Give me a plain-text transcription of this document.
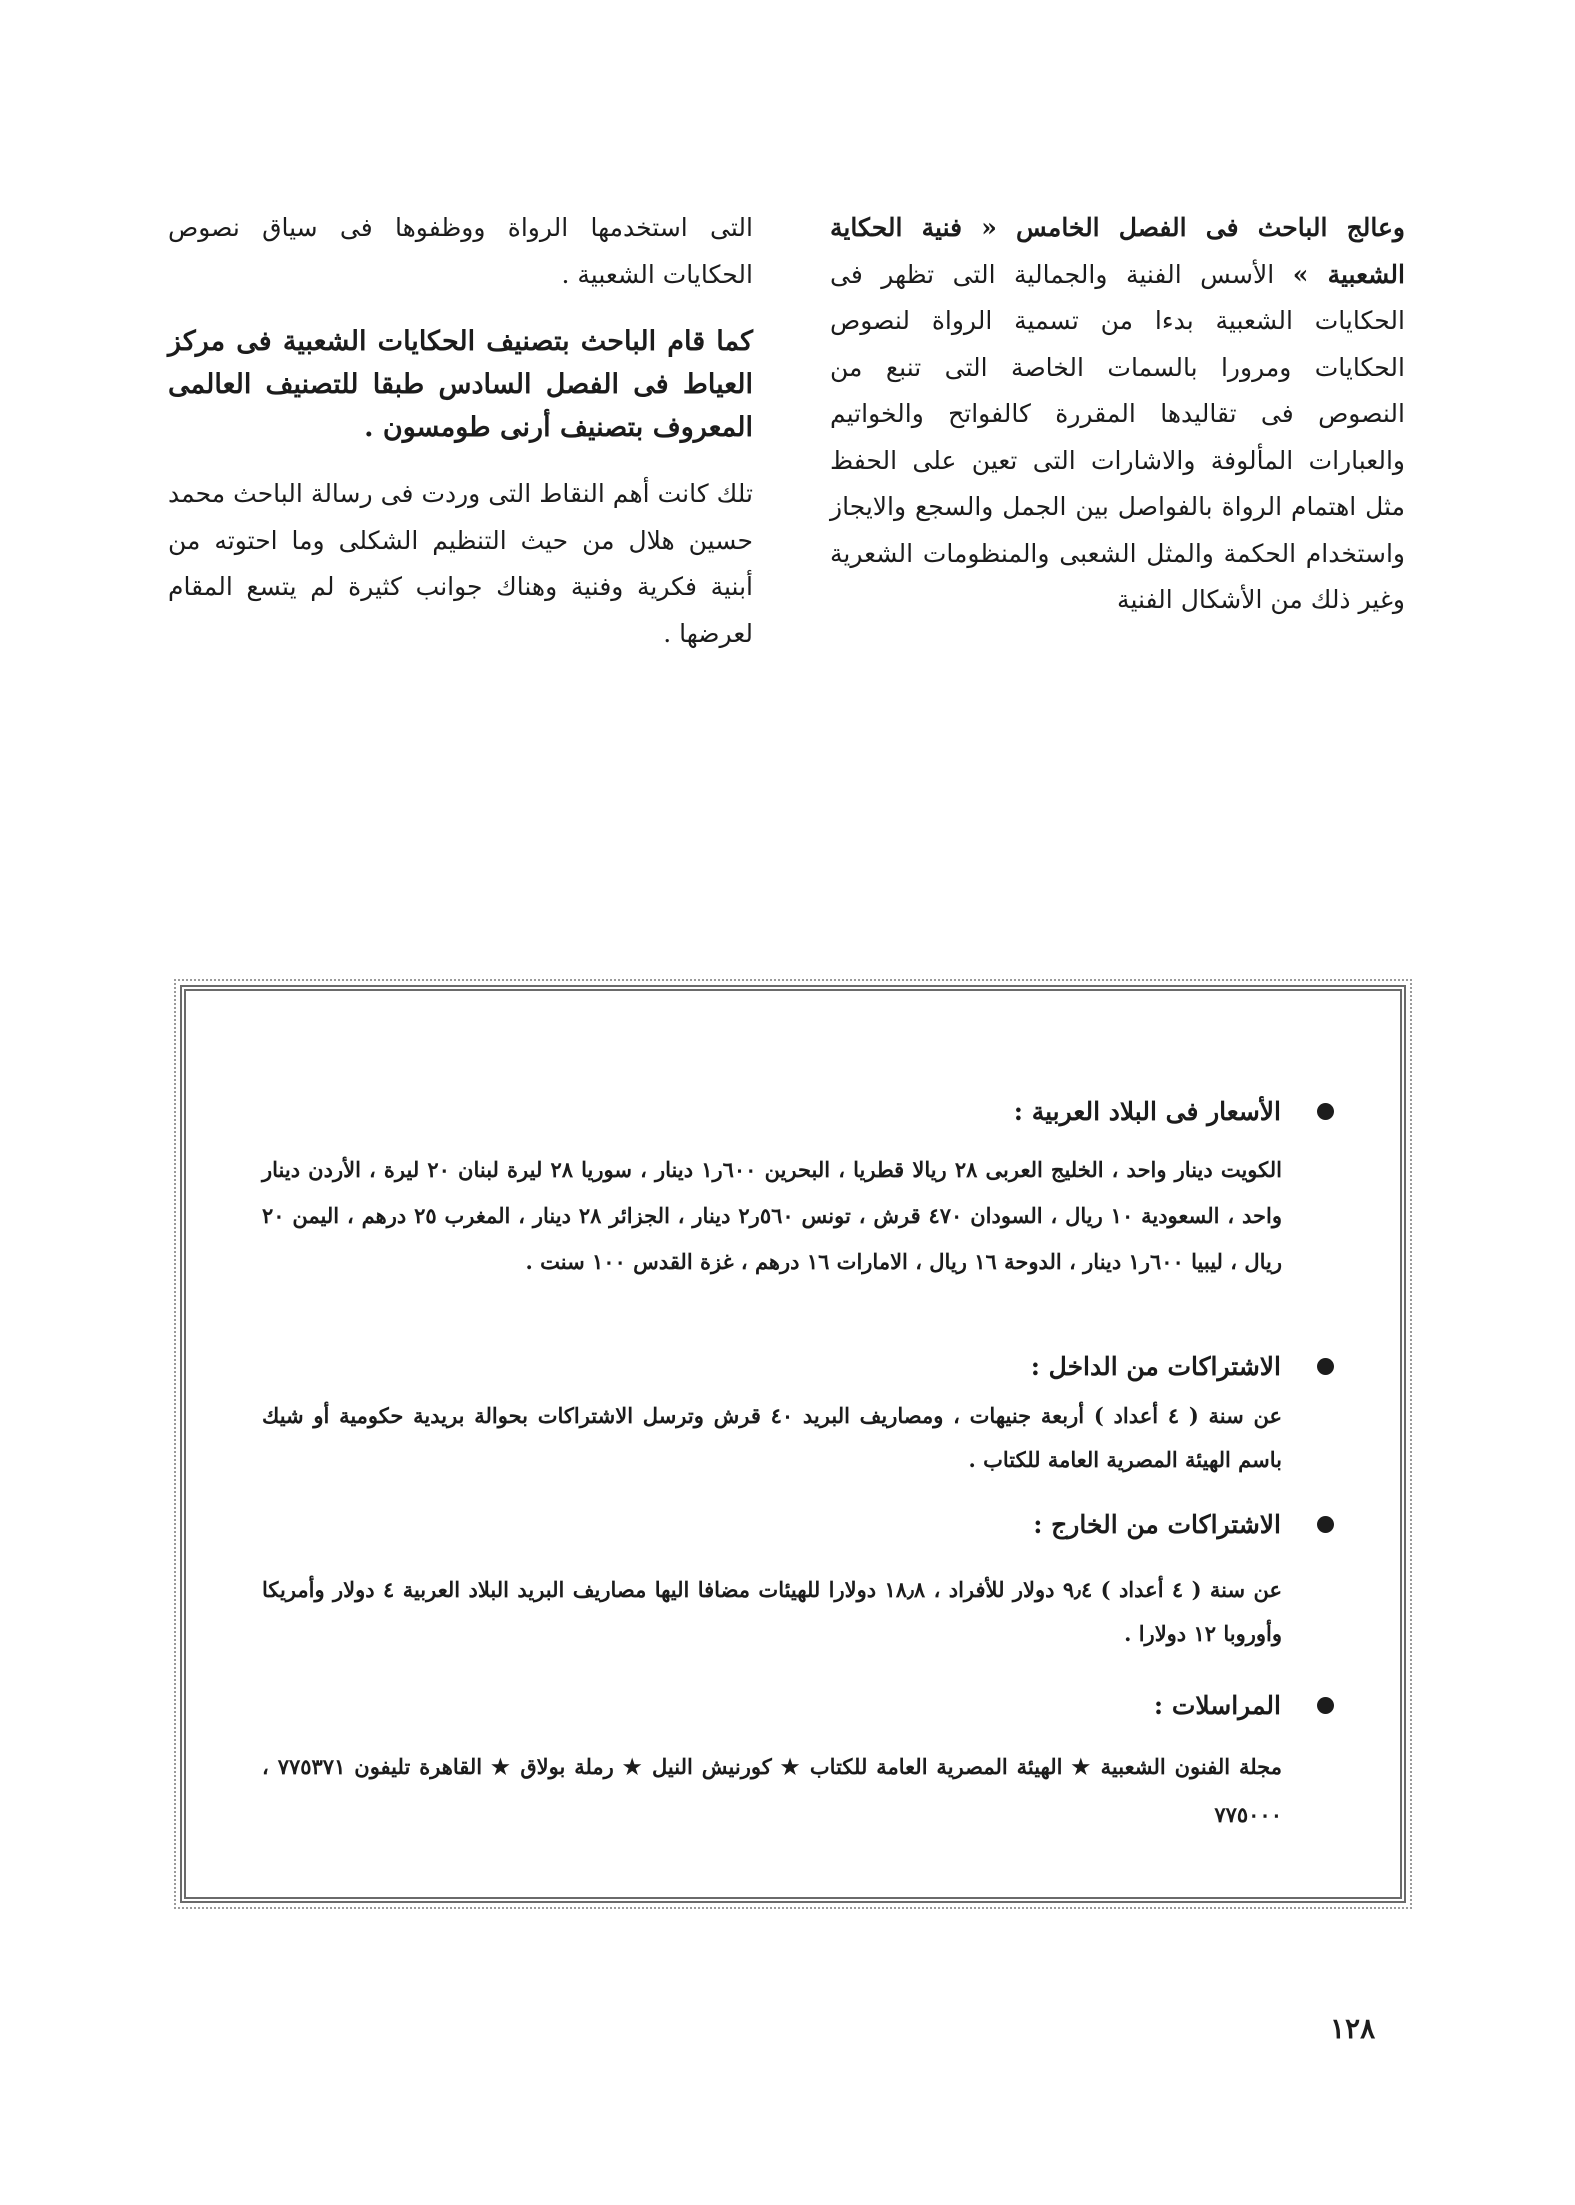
وعالج الباحث فى الفصل الخامس « فنية الحكاية الشعبية » الأسس الفنية والجمالية التى تظهر فى الحكايات الشعبية بدءا من تسمية الرواة لنصوص الحكايات ومرورا بالسمات الخاصة التى تنبع من النصوص فى تقاليدها المقررة كالفواتح والخواتيم والعبارات المألوفة والاشارات التى تعين على الحفظ مثل اهتمام الرواة بالفواصل بين الجمل والسجع والايجاز واستخدام الحكمة والمثل الشعبى والمنظومات الشعرية وغير ذلك من الأشكال الفنية

التى استخدمها الرواة ووظفوها فى سياق نصوص الحكايات الشعبية .

كما قام الباحث بتصنيف الحكايات الشعبية فى مركز العياط فى الفصل السادس طبقا للتصنيف العالمى المعروف بتصنيف أرنى طومسون .

تلك كانت أهم النقاط التى وردت فى رسالة الباحث محمد حسين هلال من حيث التنظيم الشكلى وما احتوته من أبنية فكرية وفنية وهناك جوانب كثيرة لم يتسع المقام لعرضها .

الأسعار فى البلاد العربية :
الكويت دينار واحد ، الخليج العربى ٢٨ ريالا قطريا ، البحرين ٦٠٠ر١ دينار ، سوريا ٢٨ ليرة لبنان ٢٠ ليرة ، الأردن دينار واحد ، السعودية ١٠ ريال ، السودان ٤٧٠ قرش ، تونس ٥٦٠ر٢ دينار ، الجزائر ٢٨ دينار ، المغرب ٢٥ درهم ، اليمن ٢٠ ريال ، ليبيا ٦٠٠ر١ دينار ، الدوحة ١٦ ريال ، الامارات ١٦ درهم ، غزة القدس ١٠٠ سنت .
الاشتراكات من الداخل :
عن سنة ( ٤ أعداد ) أربعة جنيهات ، ومصاريف البريد ٤٠ قرش وترسل الاشتراكات بحوالة بريدية حكومية أو شيك باسم الهيئة المصرية العامة للكتاب .
الاشتراكات من الخارج :
عن سنة ( ٤ أعداد ) ٩٫٤ دولار للأفراد ، ١٨٫٨ دولارا للهيئات مضافا اليها مصاريف البريد البلاد العربية ٤ دولار وأمريكا وأوروبا ١٢ دولارا .
المراسلات :
مجلة الفنون الشعبية ★ الهيئة المصرية العامة للكتاب ★ كورنيش النيل ★ رملة بولاق ★ القاهرة تليفون ٧٧٥٣٧١ ، ٧٧٥٠٠٠
١٢٨
